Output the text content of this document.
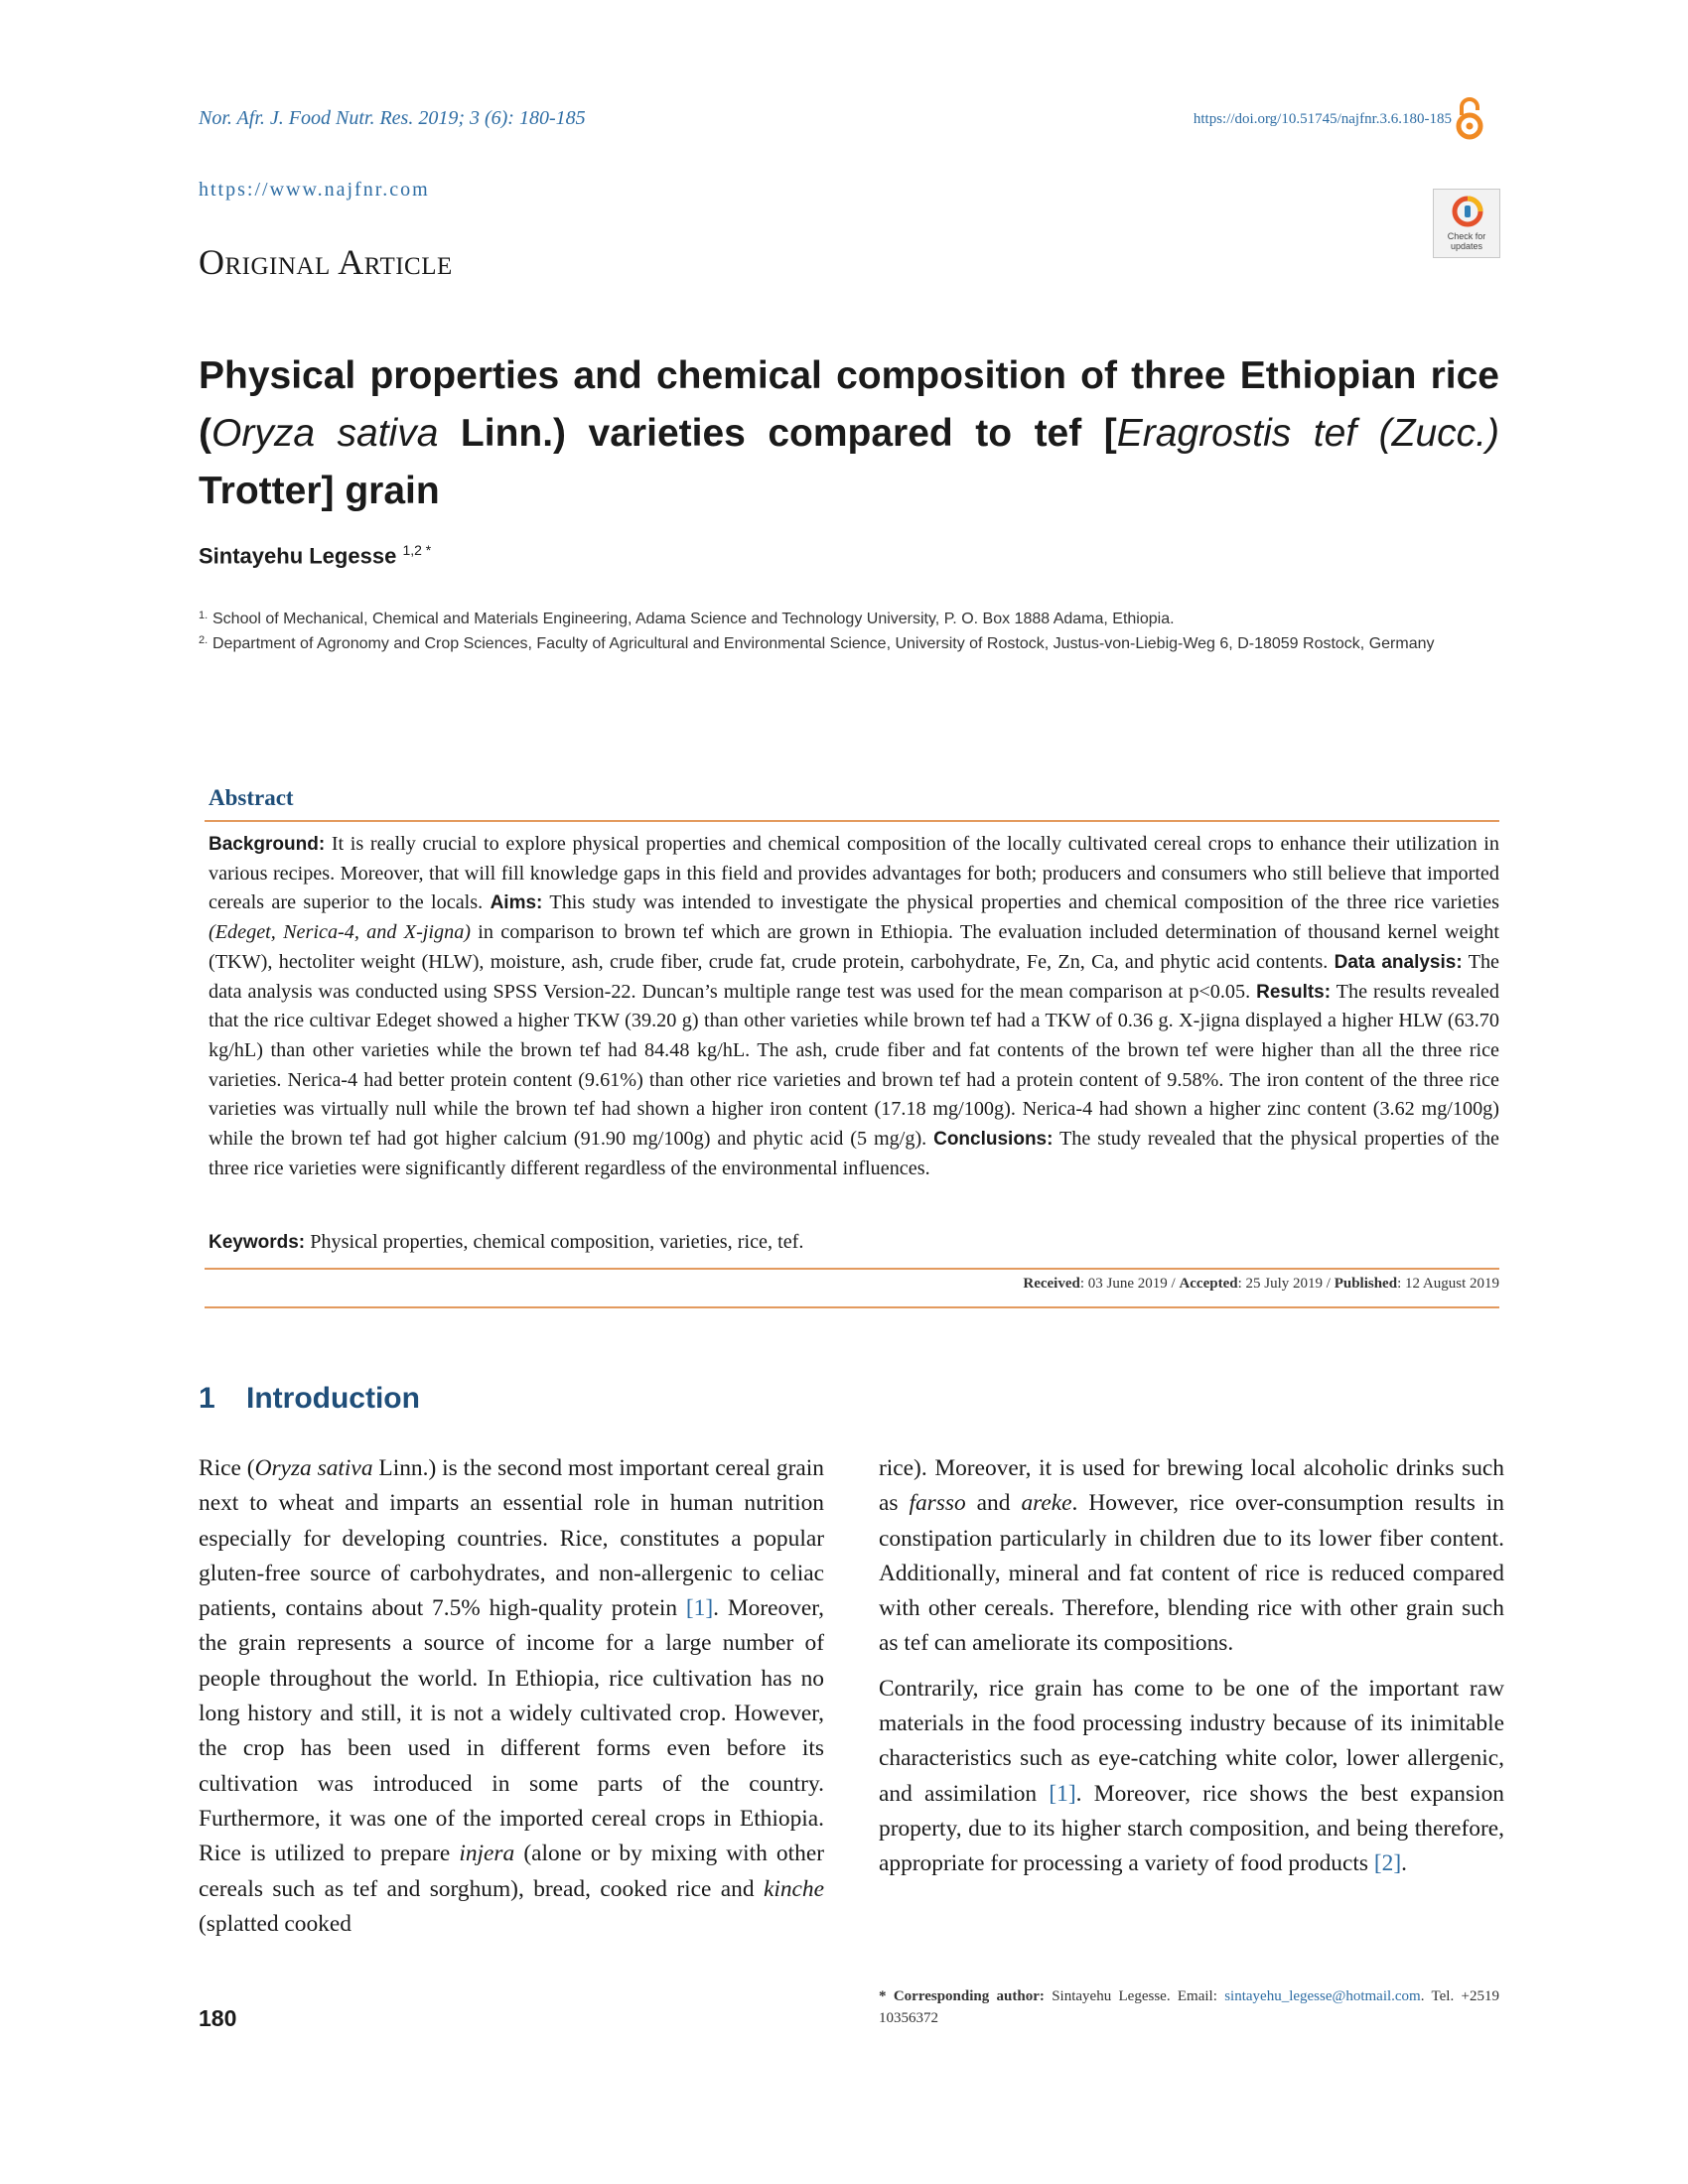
Nor. Afr. J. Food Nutr. Res. 2019; 3 (6): 180-185	https://doi.org/10.51745/najfnr.3.6.180-185
https://www.najfnr.com
Check for updates
Original Article
Physical properties and chemical composition of three Ethiopian rice (Oryza sativa Linn.) varieties compared to tef [Eragrostis tef (Zucc.) Trotter] grain
Sintayehu Legesse $^{1,2 *}$
1. School of Mechanical, Chemical and Materials Engineering, Adama Science and Technology University, P. O. Box 1888 Adama, Ethiopia.
2. Department of Agronomy and Crop Sciences, Faculty of Agricultural and Environmental Science, University of Rostock, Justus-von-Liebig-Weg 6, D-18059 Rostock, Germany
Abstract
Background: It is really crucial to explore physical properties and chemical composition of the locally cultivated cereal crops to enhance their utilization in various recipes. Moreover, that will fill knowledge gaps in this field and provides advantages for both; producers and consumers who still believe that imported cereals are superior to the locals. Aims: This study was intended to investigate the physical properties and chemical composition of the three rice varieties (Edeget, Nerica-4, and X-jigna) in comparison to brown tef which are grown in Ethiopia. The evaluation included determination of thousand kernel weight (TKW), hectoliter weight (HLW), moisture, ash, crude fiber, crude fat, crude protein, carbohydrate, Fe, Zn, Ca, and phytic acid contents. Data analysis: The data analysis was conducted using SPSS Version-22. Duncan’s multiple range test was used for the mean comparison at p<0.05. Results: The results revealed that the rice cultivar Edeget showed a higher TKW (39.20 g) than other varieties while brown tef had a TKW of 0.36 g. X-jigna displayed a higher HLW (63.70 kg/hL) than other varieties while the brown tef had 84.48 kg/hL. The ash, crude fiber and fat contents of the brown tef were higher than all the three rice varieties. Nerica-4 had better protein content (9.61%) than other rice varieties and brown tef had a protein content of 9.58%. The iron content of the three rice varieties was virtually null while the brown tef had shown a higher iron content (17.18 mg/100g). Nerica-4 had shown a higher zinc content (3.62 mg/100g) while the brown tef had got higher calcium (91.90 mg/100g) and phytic acid (5 mg/g). Conclusions: The study revealed that the physical properties of the three rice varieties were significantly different regardless of the environmental influences.
Keywords: Physical properties, chemical composition, varieties, rice, tef.
Received: 03 June 2019 / Accepted: 25 July 2019 / Published: 12 August 2019
1 Introduction

Rice (Oryza sativa Linn.) is the second most important cereal grain next to wheat and imparts an essential role in human nutrition especially for developing countries. Rice, constitutes a popular gluten-free source of carbohydrates, and non-allergenic to celiac patients, contains about 7.5% high-quality protein [1]. Moreover, the grain represents a source of income for a large number of people throughout the world. In Ethiopia, rice cultivation has no long history and still, it is not a widely cultivated crop. However, the crop has been used in different forms even before its cultivation was introduced in some parts of the country. Furthermore, it was one of the imported cereal crops in Ethiopia. Rice is utilized to prepare injera (alone or by mixing with other cereals such as tef and sorghum), bread, cooked rice and kinche (splatted cooked

rice). Moreover, it is used for brewing local alcoholic drinks such as farsso and areke. However, rice over-consumption results in constipation particularly in children due to its lower fiber content. Additionally, mineral and fat content of rice is reduced compared with other cereals. Therefore, blending rice with other grain such as tef can ameliorate its compositions.

Contrarily, rice grain has come to be one of the important raw materials in the food processing industry because of its inimitable characteristics such as eye-catching white color, lower allergenic, and assimilation [1]. Moreover, rice shows the best expansion property, due to its higher starch composition, and being therefore, appropriate for processing a variety of food products [2].

* Corresponding author: Sintayehu Legesse. Email: sintayehu_legesse@hotmail.com. Tel. +2519 10356372
180
